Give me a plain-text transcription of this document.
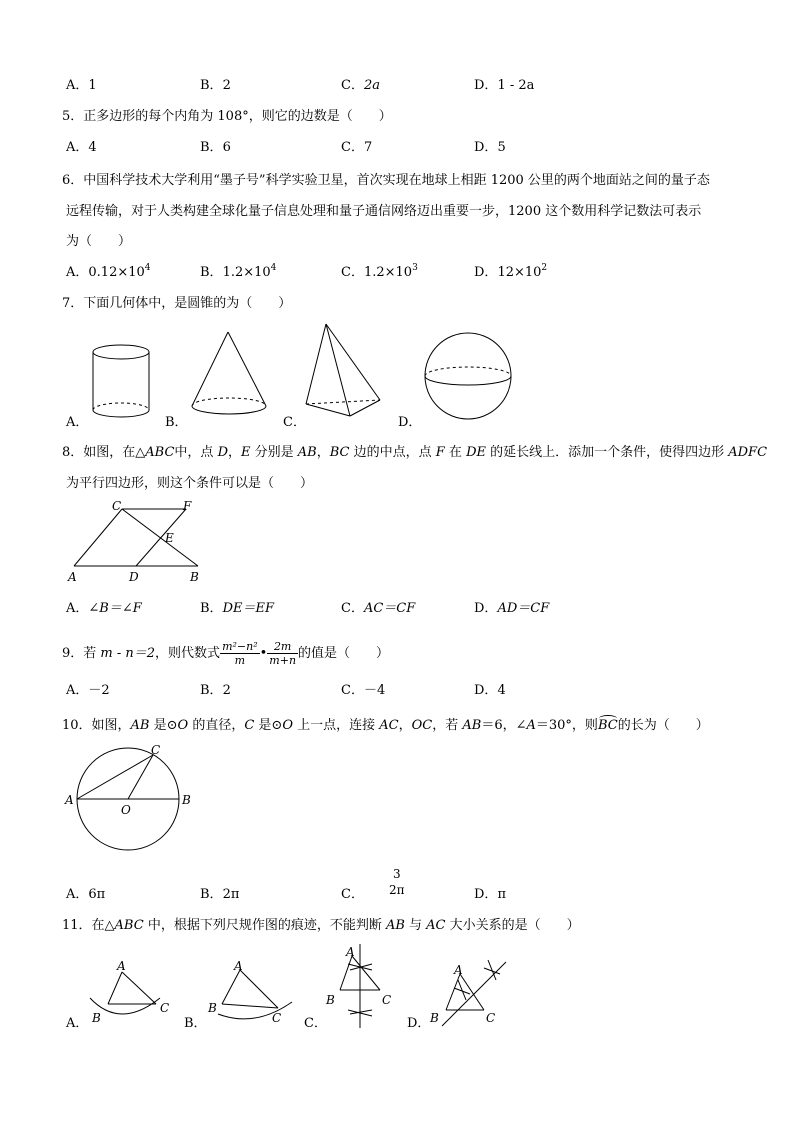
A．1	B．2	C．2a	D．1 - 2a
5．正多边形的每个内角为 108°，则它的边数是（　　）
A．4	B．6	C．7	D．5
6．中国科学技术大学利用“墨子号”科学实验卫星，首次实现在地球上相距 1200 公里的两个地面站之间的量子态
远程传输，对于人类构建全球化量子信息处理和量子通信网络迈出重要一步，1200 这个数用科学记数法可表示
为（　　）
A．$0.12\times 10^4$	B．$1.2\times 10^4$	C．$1.2\times 10^3$	D．$12\times 10^2$
7．下面几何体中，是圆锥的为（　　）
A．	B．	C．	D．
8．如图，在△ABC中，点 D，E 分别是 AB，BC 边的中点，点 F 在 DE 的延长线上．添加一个条件，使得四边形 ADFC
为平行四边形，则这个条件可以是（　　）
C	F
E
A	D	B
A．∠B＝∠F	B．DE＝EF	C．AC＝CF	D．AD＝CF
9．若 m - n＝2，则代数式 $\frac{\text{m²−n²}}{m}$ • $\frac{2m}{m+n}$ 的值是（　　）
A．－2	B．2	C．－4	D．4
10．如图，AB 是⊙O 的直径，C 是⊙O 上一点，连接 AC，OC，若 AB＝6，∠A＝30°，则BC的长为（　　）
C
A
O
B
A．6π	B．2π	C．
3
2π	D．π
11．在△ABC 中，根据下列尺规作图的痕迹，不能判断 AB 与 AC 大小关系的是（　　）
A
B
C
A
B
C
A
B	C
A
B	C
A．	B．	C．	D．
